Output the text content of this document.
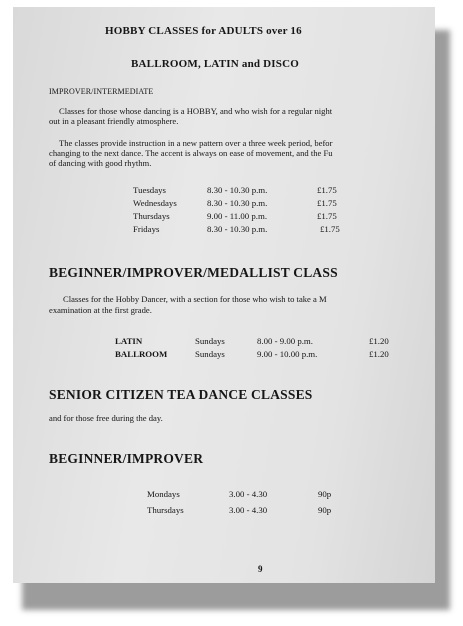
HOBBY CLASSES for ADULTS over 16
BALLROOM, LATIN and DISCO
IMPROVER/INTERMEDIATE
Classes for those whose dancing is a HOBBY, and who wish for a regular night
out in a pleasant friendly atmosphere.
The classes provide instruction in a new pattern over a three week period, befor
changing to the next dance. The accent is always on ease of movement, and the Fu
of dancing with good rhythm.
Tuesdays	8.30 - 10.30 p.m.	£1.75
Wednesdays	8.30 - 10.30 p.m.	£1.75
Thursdays	9.00 - 11.00 p.m.	£1.75
Fridays	8.30 - 10.30 p.m.	£1.75
BEGINNER/IMPROVER/MEDALLIST CLASS
Classes for the Hobby Dancer, with a section for those who wish to take a M
examination at the first grade.
LATIN	Sundays	8.00 - 9.00 p.m.	£1.20
BALLROOM	Sundays	9.00 - 10.00 p.m.	£1.20
SENIOR CITIZEN TEA DANCE CLASSES
and for those free during the day.
BEGINNER/IMPROVER
Mondays	3.00 - 4.30	90p
Thursdays	3.00 - 4.30	90p
9
